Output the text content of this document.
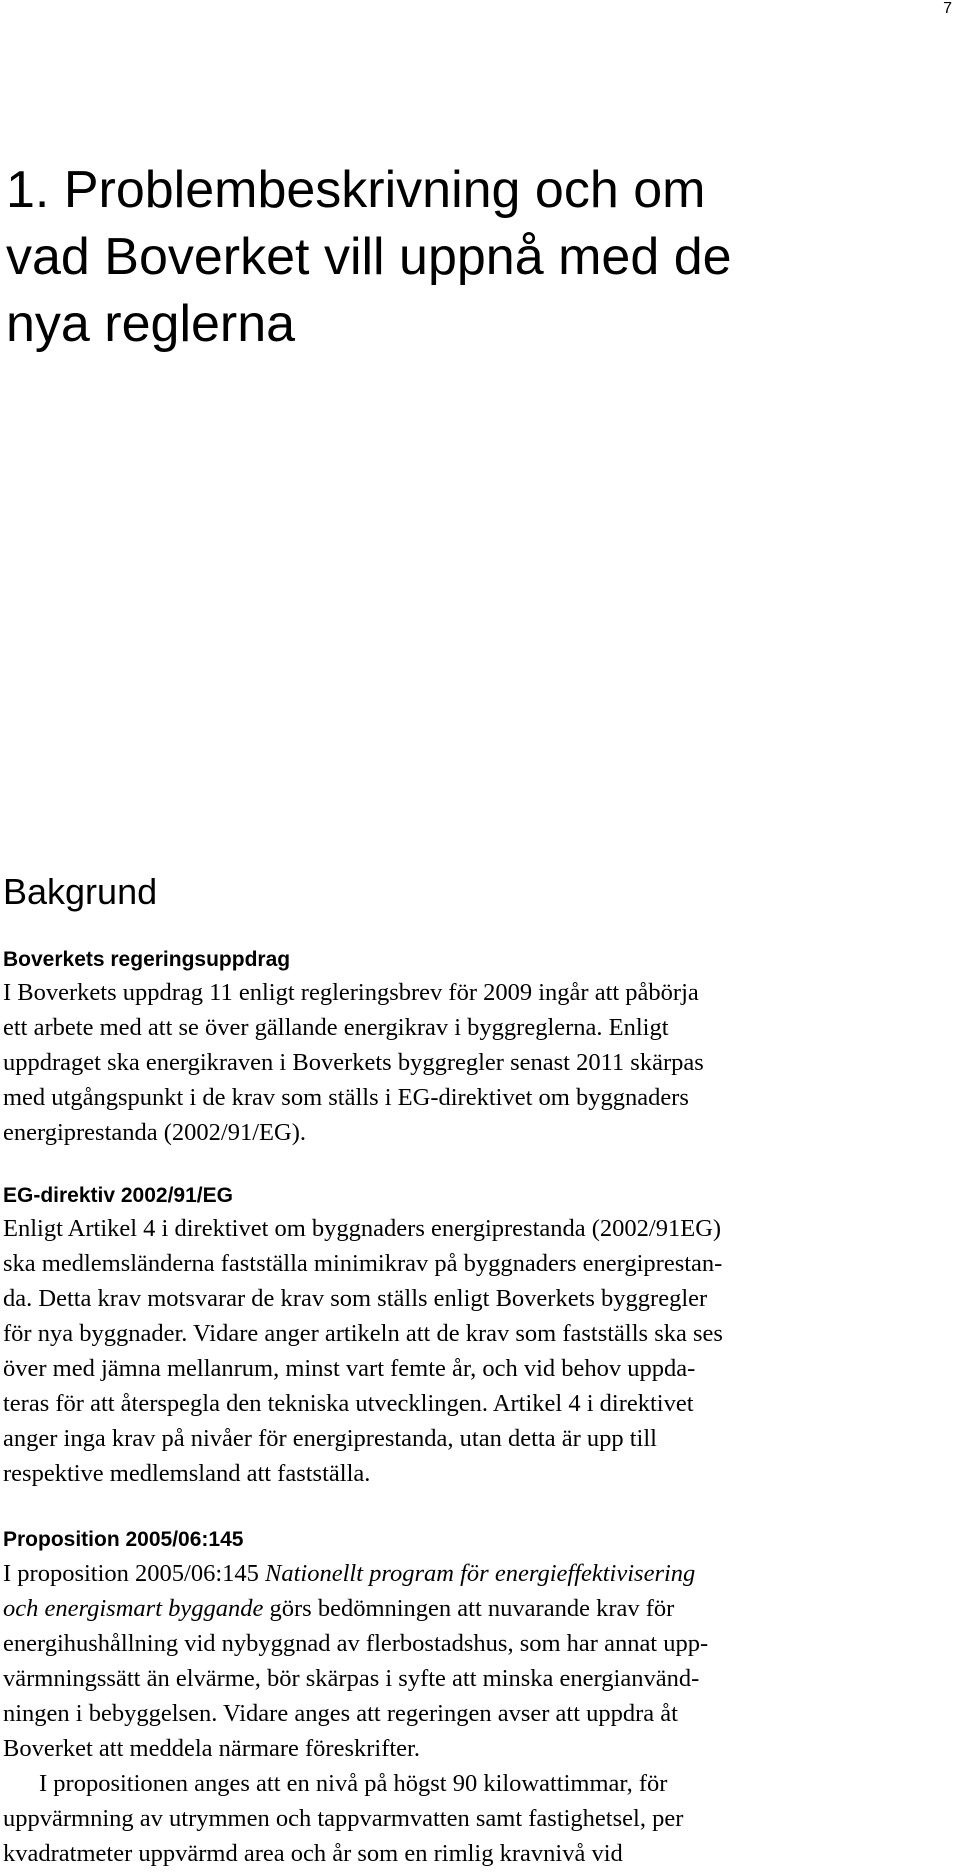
7
1. Problembeskrivning och om
vad Boverket vill uppnå med de
nya reglerna
Bakgrund
Boverkets regeringsuppdrag

I Boverkets uppdrag 11 enligt regleringsbrev för 2009 ingår att påbörja
ett arbete med att se över gällande energikrav i byggreglerna. Enligt
uppdraget ska energikraven i Boverkets byggregler senast 2011 skärpas
med utgångspunkt i de krav som ställs i EG-direktivet om byggnaders
energiprestanda (2002/91/EG).

EG-direktiv 2002/91/EG

Enligt Artikel 4 i direktivet om byggnaders energiprestanda (2002/91EG)
ska medlemsländerna fastställa minimikrav på byggnaders energiprestan-
da. Detta krav motsvarar de krav som ställs enligt Boverkets byggregler
för nya byggnader. Vidare anger artikeln att de krav som fastställs ska ses
över med jämna mellanrum, minst vart femte år, och vid behov uppda-
teras för att återspegla den tekniska utvecklingen. Artikel 4 i direktivet
anger inga krav på nivåer för energiprestanda, utan detta är upp till
respektive medlemsland att fastställa.

Proposition 2005/06:145

I proposition 2005/06:145 Nationellt program för energieffektivisering
och energismart byggande görs bedömningen att nuvarande krav för
energihushållning vid nybyggnad av flerbostadshus, som har annat upp-
värmningssätt än elvärme, bör skärpas i syfte att minska energianvänd-
ningen i bebyggelsen. Vidare anges att regeringen avser att uppdra åt
Boverket att meddela närmare föreskrifter.
I propositionen anges att en nivå på högst 90 kilowattimmar, för
uppvärmning av utrymmen och tappvarmvatten samt fastighetsel, per
kvadratmeter uppvärmd area och år som en rimlig kravnivå vid
